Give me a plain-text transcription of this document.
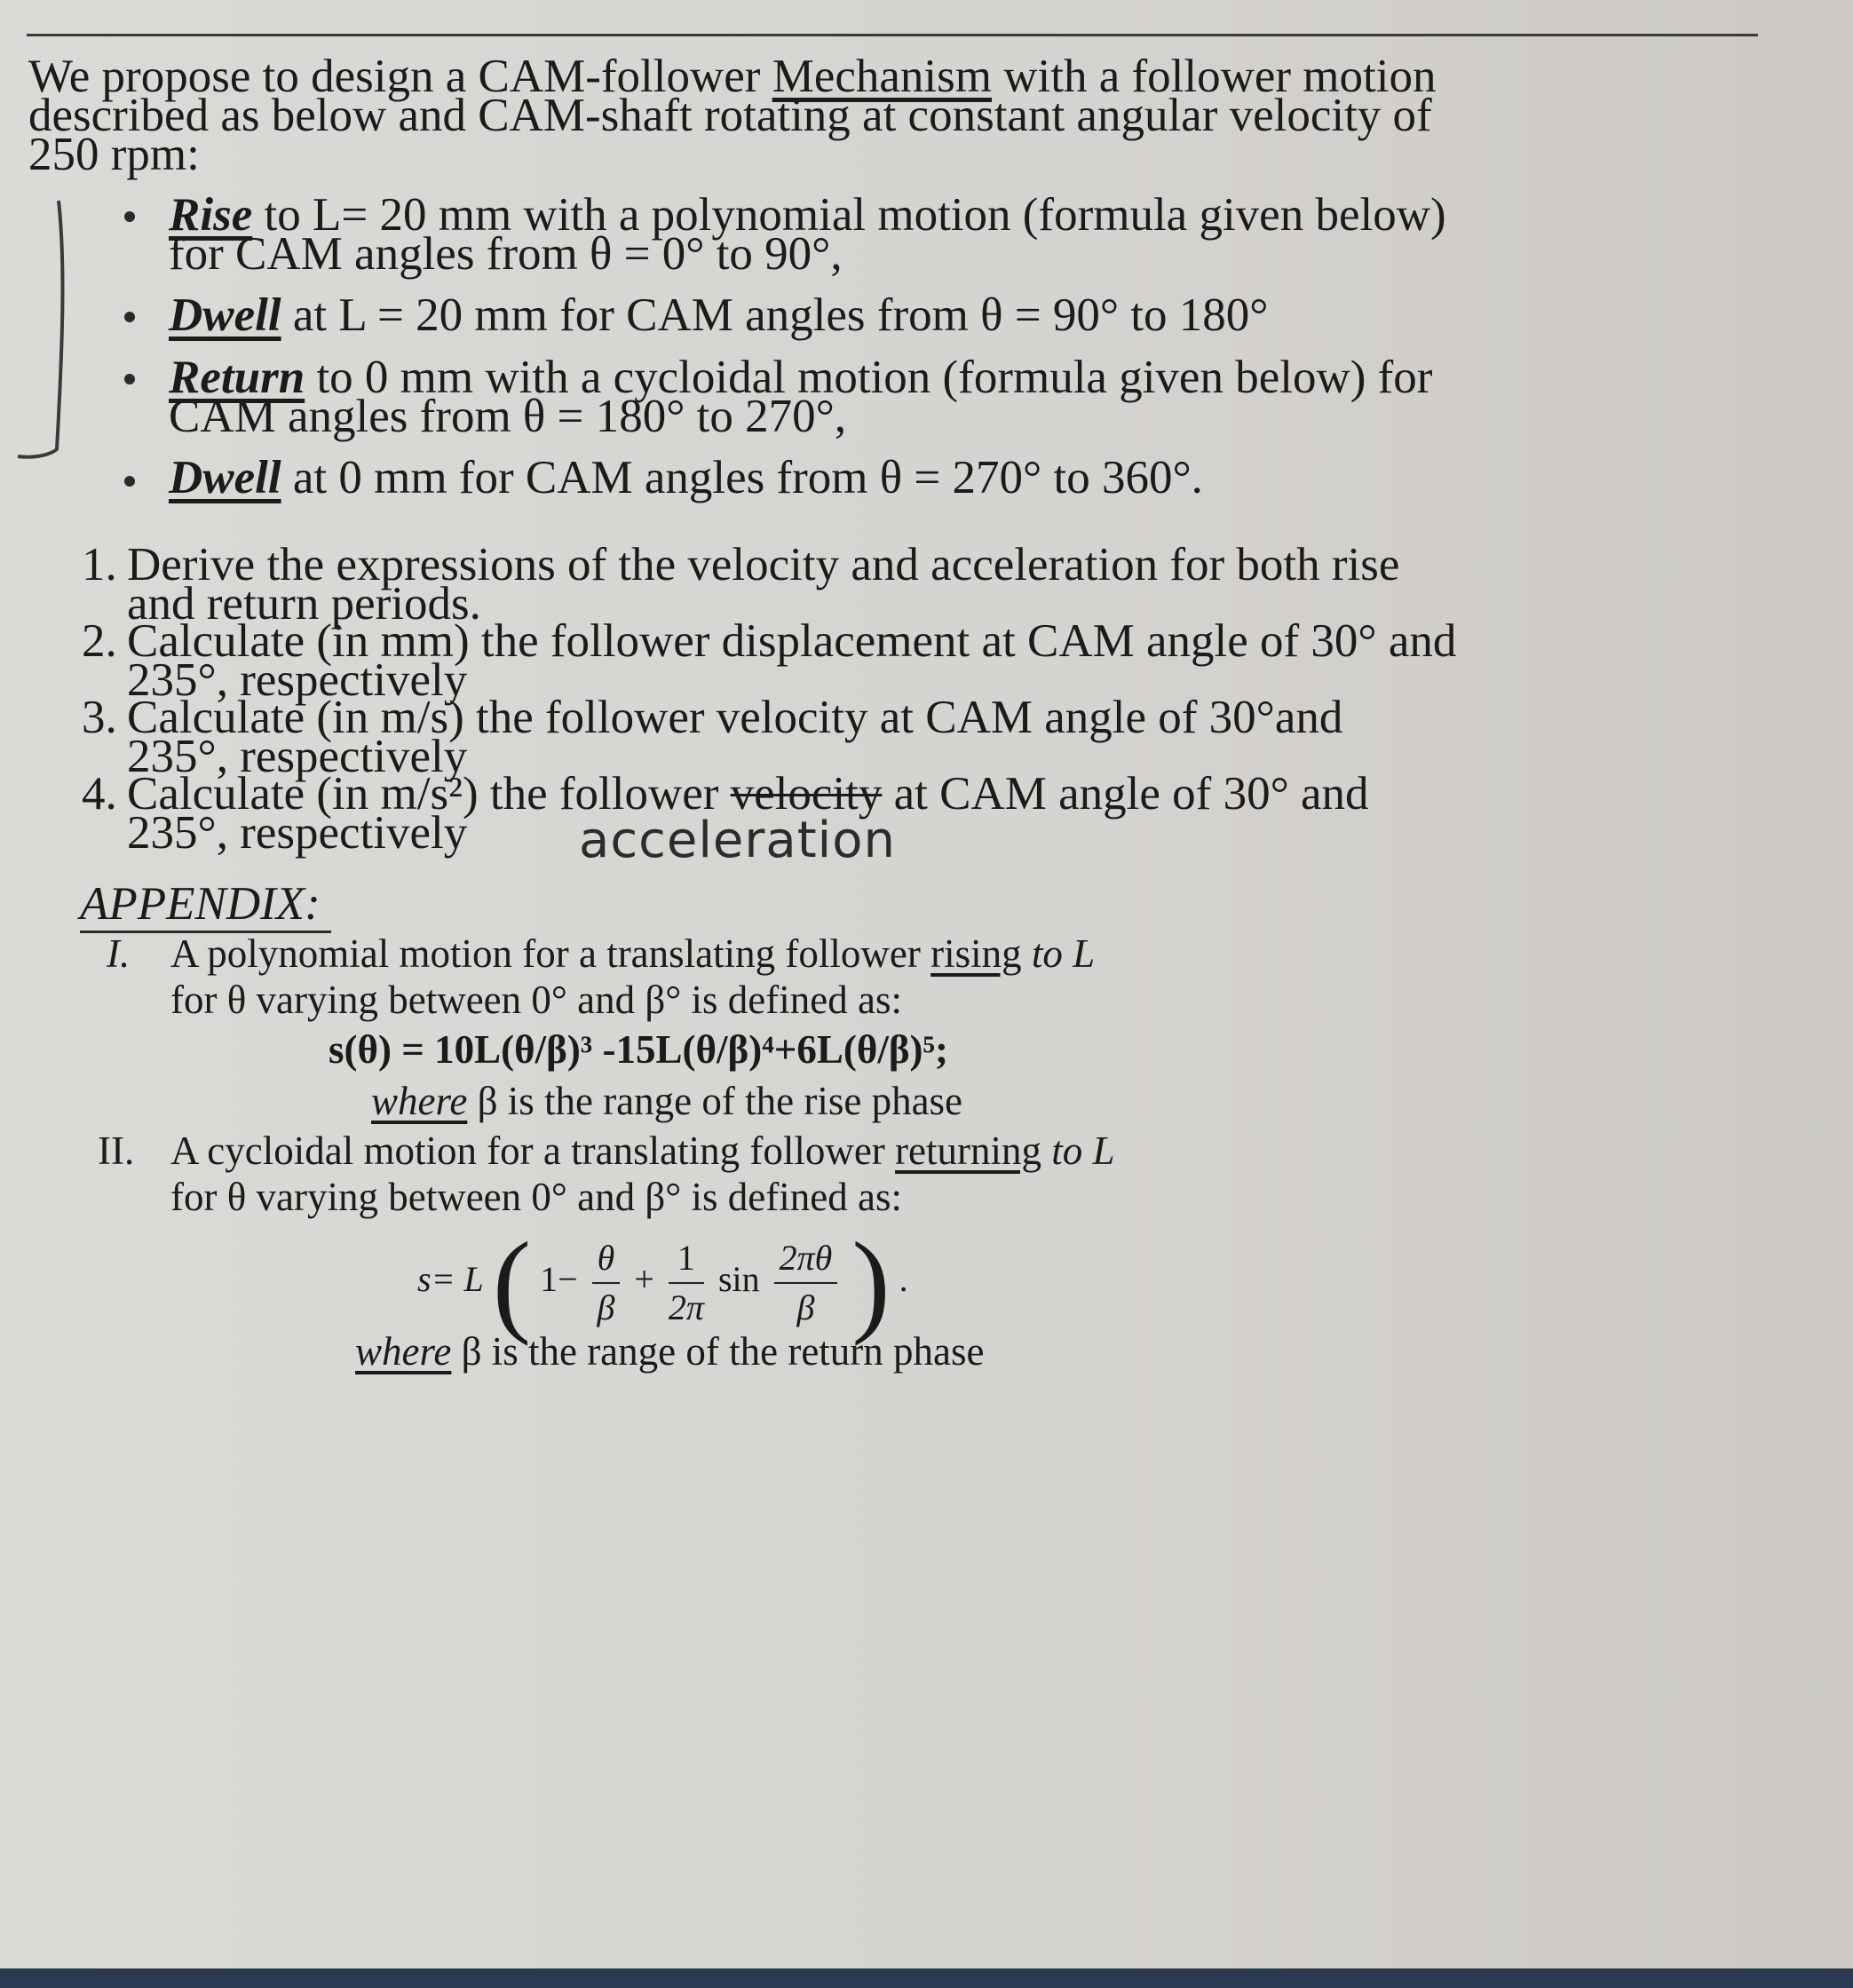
We propose to design a CAM-follower Mechanism with a follower motion
described as below and CAM-shaft rotating at constant angular velocity of
250 rpm:
Rise to L= 20 mm with a polynomial motion (formula given below)
for CAM angles from θ = 0° to 90°,
Dwell at L = 20 mm for CAM angles from θ = 90° to 180°
Return to 0 mm with a cycloidal motion (formula given below) for
CAM angles from θ = 180° to 270°,
Dwell at 0 mm for CAM angles from θ = 270° to 360°.
1. Derive the expressions of the velocity and acceleration for both rise
and return periods.
2. Calculate (in mm) the follower displacement at CAM angle of 30° and
235°, respectively
3. Calculate (in m/s) the follower velocity at CAM angle of 30°and
235°, respectively
4. Calculate (in m/s²) the follower velocity at CAM angle of 30° and
235°, respectively acceleration
APPENDIX:
I. A polynomial motion for a translating follower rising to L
for θ varying between 0° and β° is defined as:
s(θ) = 10L(θ/β)³ -15L(θ/β)⁴+6L(θ/β)⁵;
where β is the range of the rise phase
II. A cycloidal motion for a translating follower returning to L
for θ varying between 0° and β° is defined as:
s= L ( $1- \frac{\theta}{\beta} + \frac{1}{2\pi}$ $\sin \frac{2\pi\theta}{\beta}$ ) .
where β is the range of the return phase
